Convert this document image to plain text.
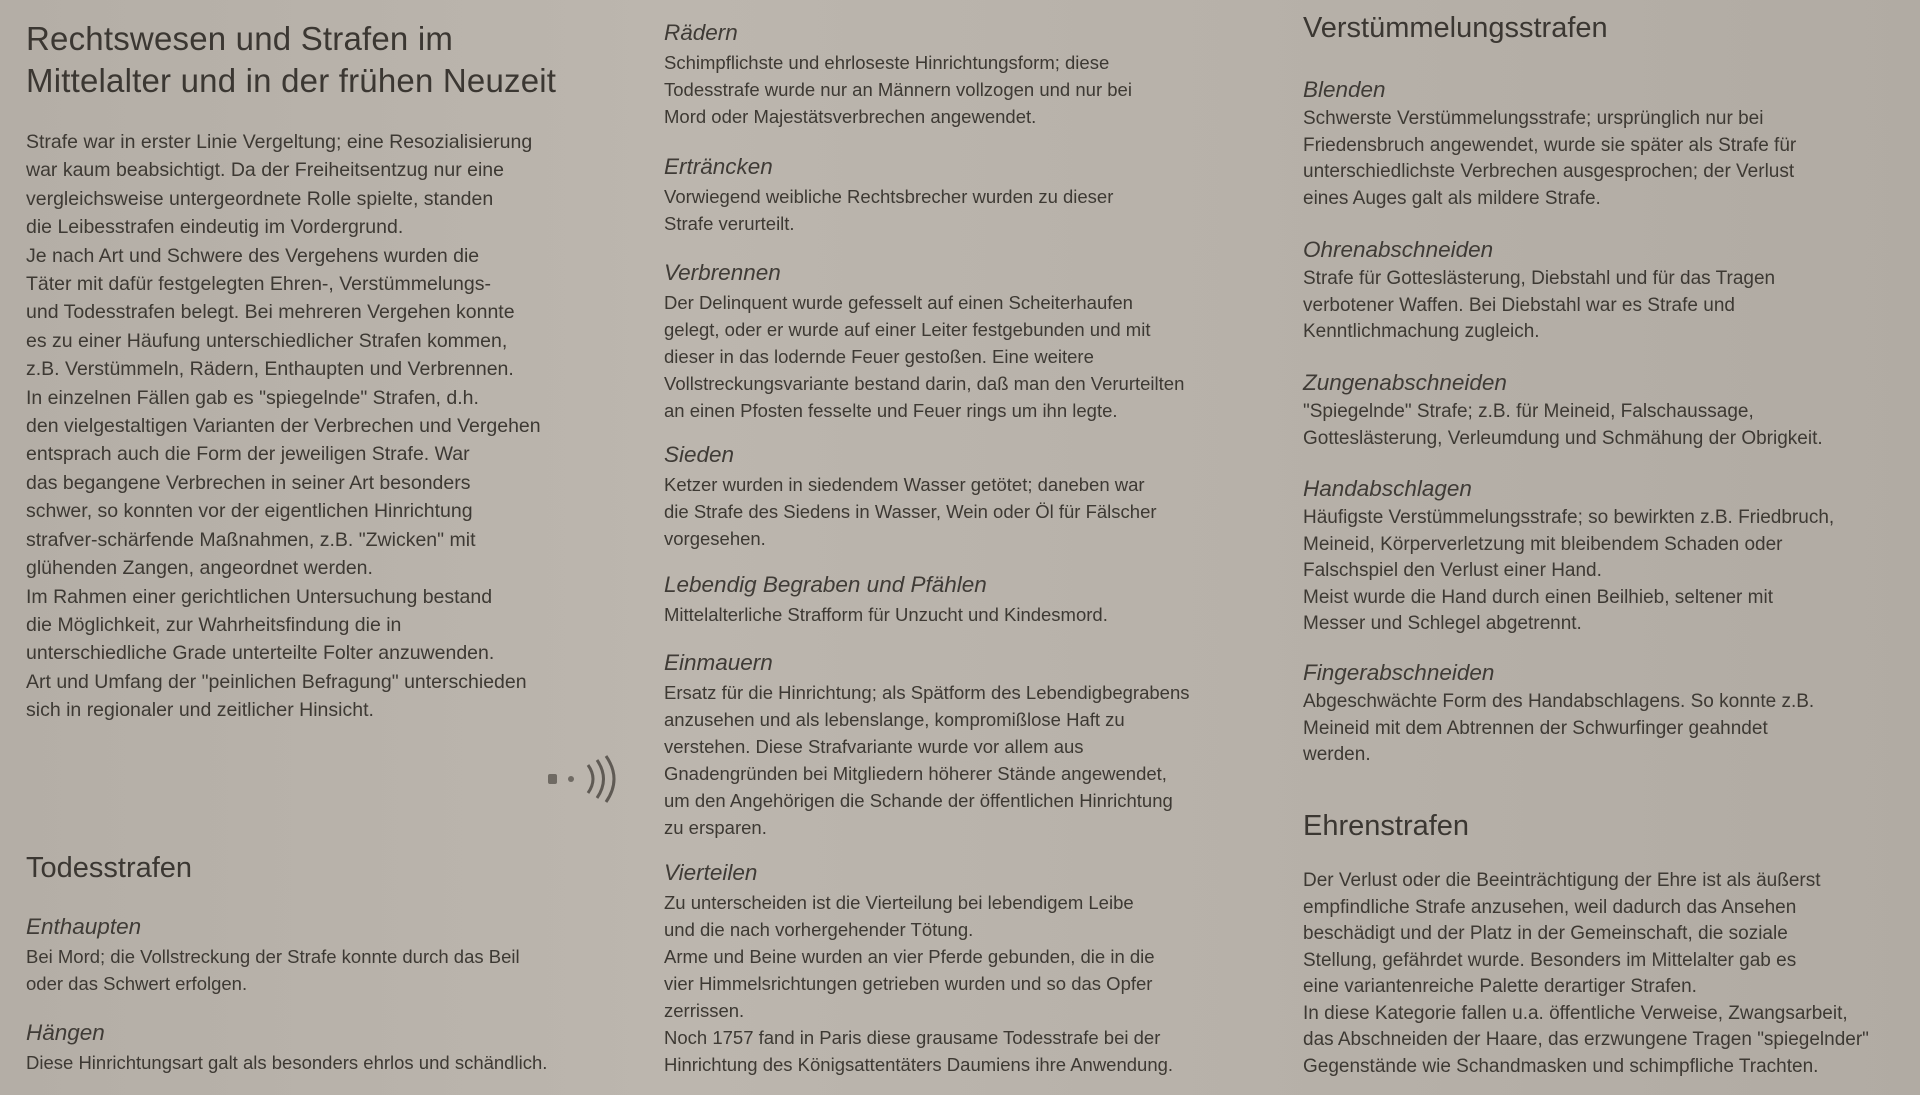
Rechtswesen und Strafen im
Mittelalter und in der frühen Neuzeit

Strafe war in erster Linie Vergeltung; eine Resozialisierung
war kaum beabsichtigt. Da der Freiheitsentzug nur eine
vergleichsweise untergeordnete Rolle spielte, standen
die Leibesstrafen eindeutig im Vordergrund.
Je nach Art und Schwere des Vergehens wurden die
Täter mit dafür festgelegten Ehren-, Verstümmelungs-
und Todesstrafen belegt. Bei mehreren Vergehen konnte
es zu einer Häufung unterschiedlicher Strafen kommen,
z.B. Verstümmeln, Rädern, Enthaupten und Verbrennen.
In einzelnen Fällen gab es "spiegelnde" Strafen, d.h.
den vielgestaltigen Varianten der Verbrechen und Vergehen
entsprach auch die Form der jeweiligen Strafe. War
das begangene Verbrechen in seiner Art besonders
schwer, so konnten vor der eigentlichen Hinrichtung
strafver-schärfende Maßnahmen, z.B. "Zwicken" mit
glühenden Zangen, angeordnet werden.
Im Rahmen einer gerichtlichen Untersuchung bestand
die Möglichkeit, zur Wahrheitsfindung die in
unterschiedliche Grade unterteilte Folter anzuwenden.
Art und Umfang der "peinlichen Befragung" unterschieden
sich in regionaler und zeitlicher Hinsicht.

Todesstrafen
Enthaupten
Bei Mord; die Vollstreckung der Strafe konnte durch das Beil
oder das Schwert erfolgen.
Hängen
Diese Hinrichtungsart galt als besonders ehrlos und schändlich.
Rädern
Schimpflichste und ehrloseste Hinrichtungsform; diese
Todesstrafe wurde nur an Männern vollzogen und nur bei
Mord oder Majestätsverbrechen angewendet.
Erträncken
Vorwiegend weibliche Rechtsbrecher wurden zu dieser
Strafe verurteilt.
Verbrennen
Der Delinquent wurde gefesselt auf einen Scheiterhaufen
gelegt, oder er wurde auf einer Leiter festgebunden und mit
dieser in das lodernde Feuer gestoßen. Eine weitere
Vollstreckungsvariante bestand darin, daß man den Verurteilten
an einen Pfosten fesselte und Feuer rings um ihn legte.
Sieden
Ketzer wurden in siedendem Wasser getötet; daneben war
die Strafe des Siedens in Wasser, Wein oder Öl für Fälscher
vorgesehen.
Lebendig Begraben und Pfählen
Mittelalterliche Strafform für Unzucht und Kindesmord.
Einmauern
Ersatz für die Hinrichtung; als Spätform des Lebendigbegrabens
anzusehen und als lebenslange, kompromißlose Haft zu
verstehen. Diese Strafvariante wurde vor allem aus
Gnadengründen bei Mitgliedern höherer Stände angewendet,
um den Angehörigen die Schande der öffentlichen Hinrichtung
zu ersparen.
Vierteilen
Zu unterscheiden ist die Vierteilung bei lebendigem Leibe
und die nach vorhergehender Tötung.
Arme und Beine wurden an vier Pferde gebunden, die in die
vier Himmelsrichtungen getrieben wurden und so das Opfer
zerrissen.
Noch 1757 fand in Paris diese grausame Todesstrafe bei der
Hinrichtung des Königsattentäters Daumiens ihre Anwendung.
Verstümmelungsstrafen
Blenden
Schwerste Verstümmelungsstrafe; ursprünglich nur bei
Friedensbruch angewendet, wurde sie später als Strafe für
unterschiedlichste Verbrechen ausgesprochen; der Verlust
eines Auges galt als mildere Strafe.
Ohrenabschneiden
Strafe für Gotteslästerung, Diebstahl und für das Tragen
verbotener Waffen. Bei Diebstahl war es Strafe und
Kenntlichmachung zugleich.
Zungenabschneiden
"Spiegelnde" Strafe; z.B. für Meineid, Falschaussage,
Gotteslästerung, Verleumdung und Schmähung der Obrigkeit.
Handabschlagen
Häufigste Verstümmelungsstrafe; so bewirkten z.B. Friedbruch,
Meineid, Körperverletzung mit bleibendem Schaden oder
Falschspiel den Verlust einer Hand.
Meist wurde die Hand durch einen Beilhieb, seltener mit
Messer und Schlegel abgetrennt.
Fingerabschneiden
Abgeschwächte Form des Handabschlagens. So konnte z.B.
Meineid mit dem Abtrennen der Schwurfinger geahndet
werden.
Ehrenstrafen

Der Verlust oder die Beeinträchtigung der Ehre ist als äußerst
empfindliche Strafe anzusehen, weil dadurch das Ansehen
beschädigt und der Platz in der Gemeinschaft, die soziale
Stellung, gefährdet wurde. Besonders im Mittelalter gab es
eine variantenreiche Palette derartiger Strafen.
In diese Kategorie fallen u.a. öffentliche Verweise, Zwangsarbeit,
das Abschneiden der Haare, das erzwungene Tragen "spiegelnder"
Gegenstände wie Schandmasken und schimpfliche Trachten.
